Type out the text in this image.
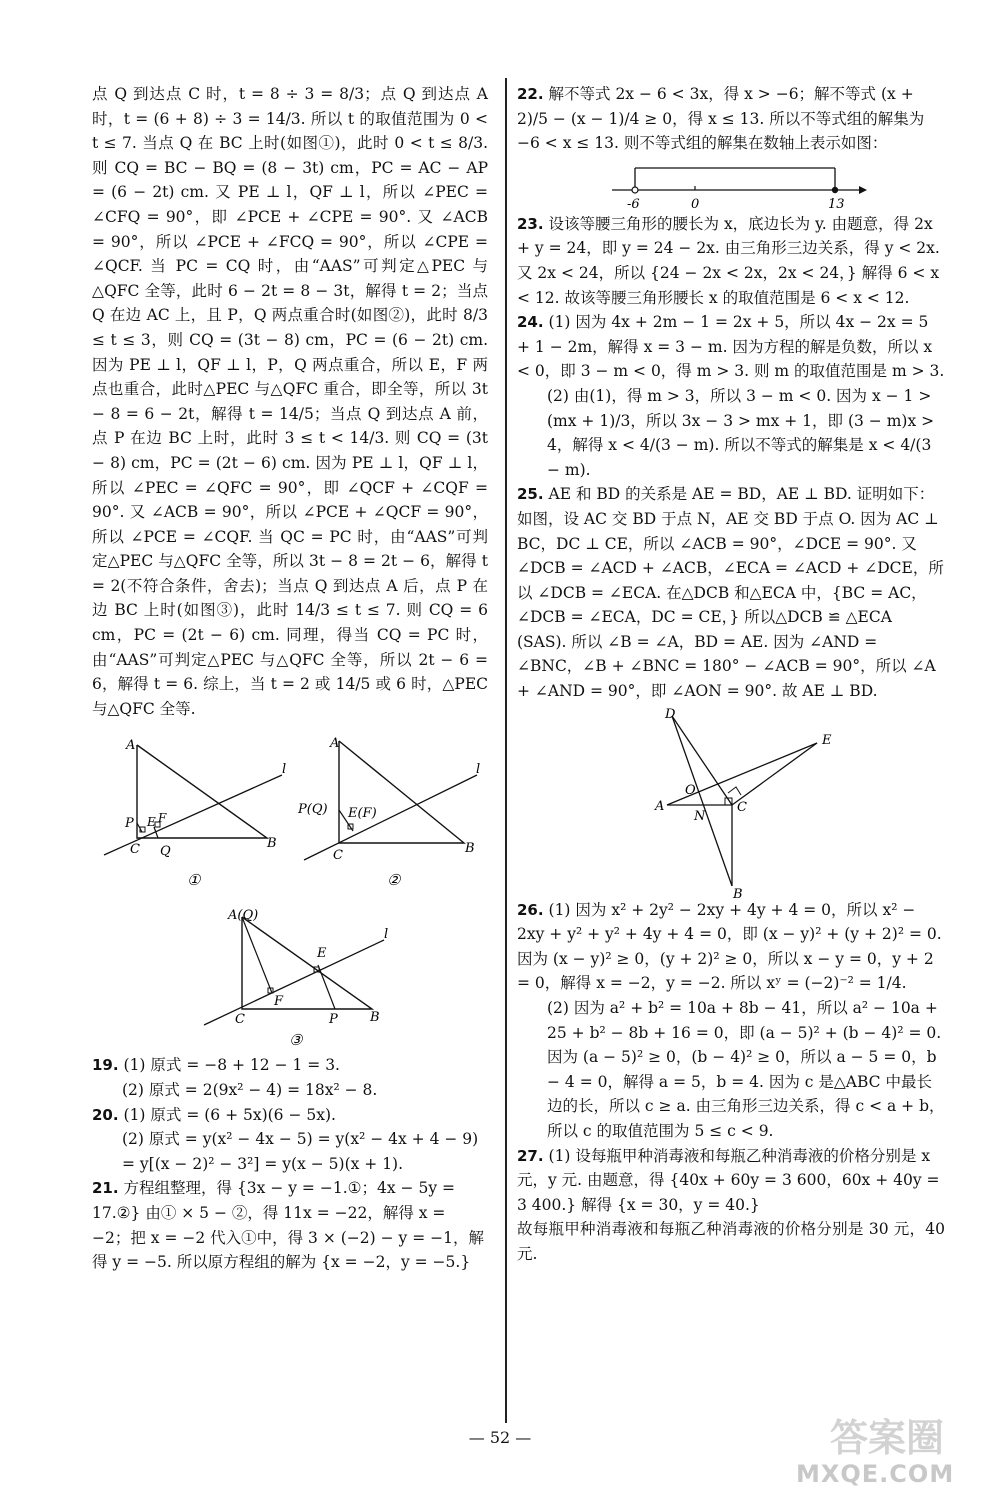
点 Q 到达点 C 时，t = 8 ÷ 3 = 8/3；点 Q 到达点 A 时，t = (6 + 8) ÷ 3 = 14/3. 所以 t 的取值范围为 0 < t ≤ 7. 当点 Q 在 BC 上时(如图①)，此时 0 < t ≤ 8/3. 则 CQ = BC − BQ = (8 − 3t) cm，PC = AC − AP = (6 − 2t) cm. 又 PE ⊥ l，QF ⊥ l，所以 ∠PEC = ∠CFQ = 90°，即 ∠PCE + ∠CPE = 90°. 又 ∠ACB = 90°，所以 ∠PCE + ∠FCQ = 90°，所以 ∠CPE = ∠QCF. 当 PC = CQ 时，由“AAS”可判定△PEC 与△QFC 全等，此时 6 − 2t = 8 − 3t，解得 t = 2；当点 Q 在边 AC 上，且 P，Q 两点重合时(如图②)，此时 8/3 ≤ t ≤ 3，则 CQ = (3t − 8) cm，PC = (6 − 2t) cm. 因为 PE ⊥ l，QF ⊥ l，P，Q 两点重合，所以 E，F 两点也重合，此时△PEC 与△QFC 重合，即全等，所以 3t − 8 = 6 − 2t，解得 t = 14/5；当点 Q 到达点 A 前，点 P 在边 BC 上时，此时 3 ≤ t < 14/3. 则 CQ = (3t − 8) cm，PC = (2t − 6) cm. 因为 PE ⊥ l，QF ⊥ l，所以 ∠PEC = ∠QFC = 90°，即 ∠QCF + ∠CQF = 90°. 又 ∠ACB = 90°，所以 ∠PCE + ∠QCF = 90°，所以 ∠PCE = ∠CQF. 当 QC = PC 时，由“AAS”可判定△PEC 与△QFC 全等，所以 3t − 8 = 2t − 6，解得 t = 2(不符合条件，舍去)；当点 Q 到达点 A 后，点 P 在边 BC 上时(如图③)，此时 14/3 ≤ t ≤ 7. 则 CQ = 6 cm，PC = (2t − 6) cm. 同理，得当 CQ = PC 时，由“AAS”可判定△PEC 与△QFC 全等，所以 2t − 6 = 6，解得 t = 6. 综上，当 t = 2 或 14/5 或 6 时，△PEC 与△QFC 全等.

A
P E F
C Q
B
l
A
P(Q) E(F)
C	B
l
①	②
A(Q)
E
F
C	P B
l
③
19. (1) 原式 = −8 + 12 − 1 = 3.

(2) 原式 = 2(9x² − 4) = 18x² − 8.

20. (1) 原式 = (6 + 5x)(6 − 5x).

(2) 原式 = y(x² − 4x − 5) = y(x² − 4x + 4 − 9) = y[(x − 2)² − 3²] = y(x − 5)(x + 1).

21. 方程组整理，得 {3x − y = −1.①；4x − 5y = 17.②} 由① × 5 − ②，得 11x = −22，解得 x = −2；把 x = −2 代入①中，得 3 × (−2) − y = −1，解得 y = −5. 所以原方程组的解为 {x = −2，y = −5.}
22. 解不等式 2x − 6 < 3x，得 x > −6；解不等式 (x + 2)/5 − (x − 1)/4 ≥ 0，得 x ≤ 13. 所以不等式组的解集为 −6 < x ≤ 13. 则不等式组的解集在数轴上表示如图：
-6	0	13
23. 设该等腰三角形的腰长为 x，底边长为 y. 由题意，得 2x + y = 24，即 y = 24 − 2x. 由三角形三边关系，得 y < 2x. 又 2x < 24，所以 {24 − 2x < 2x，2x < 24，} 解得 6 < x < 12. 故该等腰三角形腰长 x 的取值范围是 6 < x < 12.
24. (1) 因为 4x + 2m − 1 = 2x + 5，所以 4x − 2x = 5 + 1 − 2m，解得 x = 3 − m. 因为方程的解是负数，所以 x < 0，即 3 − m < 0，得 m > 3. 则 m 的取值范围是 m > 3.

(2) 由(1)，得 m > 3，所以 3 − m < 0. 因为 x − 1 > (mx + 1)/3，所以 3x − 3 > mx + 1，即 (3 − m)x > 4，解得 x < 4/(3 − m). 所以不等式的解集是 x < 4/(3 − m).

25. AE 和 BD 的关系是 AE = BD，AE ⊥ BD. 证明如下：如图，设 AC 交 BD 于点 N，AE 交 BD 于点 O. 因为 AC ⊥ BC，DC ⊥ CE，所以 ∠ACB = 90°，∠DCE = 90°. 又 ∠DCB = ∠ACD + ∠ACB，∠ECA = ∠ACD + ∠DCE，所以 ∠DCB = ∠ECA. 在△DCB 和△ECA 中，{BC = AC，∠DCB = ∠ECA，DC = CE，} 所以△DCB ≌ △ECA (SAS). 所以 ∠B = ∠A，BD = AE. 因为 ∠AND = ∠BNC，∠B + ∠BNC = 180° − ∠ACB = 90°，所以 ∠A + ∠AND = 90°，即 ∠AON = 90°. 故 AE ⊥ BD.
D
E
O
A
N
C
B
26. (1) 因为 x² + 2y² − 2xy + 4y + 4 = 0，所以 x² − 2xy + y² + y² + 4y + 4 = 0，即 (x − y)² + (y + 2)² = 0. 因为 (x − y)² ≥ 0，(y + 2)² ≥ 0，所以 x − y = 0，y + 2 = 0，解得 x = −2，y = −2. 所以 xʸ = (−2)⁻² = 1/4.

(2) 因为 a² + b² = 10a + 8b − 41，所以 a² − 10a + 25 + b² − 8b + 16 = 0，即 (a − 5)² + (b − 4)² = 0. 因为 (a − 5)² ≥ 0，(b − 4)² ≥ 0，所以 a − 5 = 0，b − 4 = 0，解得 a = 5，b = 4. 因为 c 是△ABC 中最长边的长，所以 c ≥ a. 由三角形三边关系，得 c < a + b，所以 c 的取值范围为 5 ≤ c < 9.

27. (1) 设每瓶甲种消毒液和每瓶乙种消毒液的价格分别是 x 元，y 元. 由题意，得 {40x + 60y = 3 600，60x + 40y = 3 400.} 解得 {x = 30，y = 40.}

故每瓶甲种消毒液和每瓶乙种消毒液的价格分别是 30 元，40 元.

— 52 —	答案圈
MXQE.COM
